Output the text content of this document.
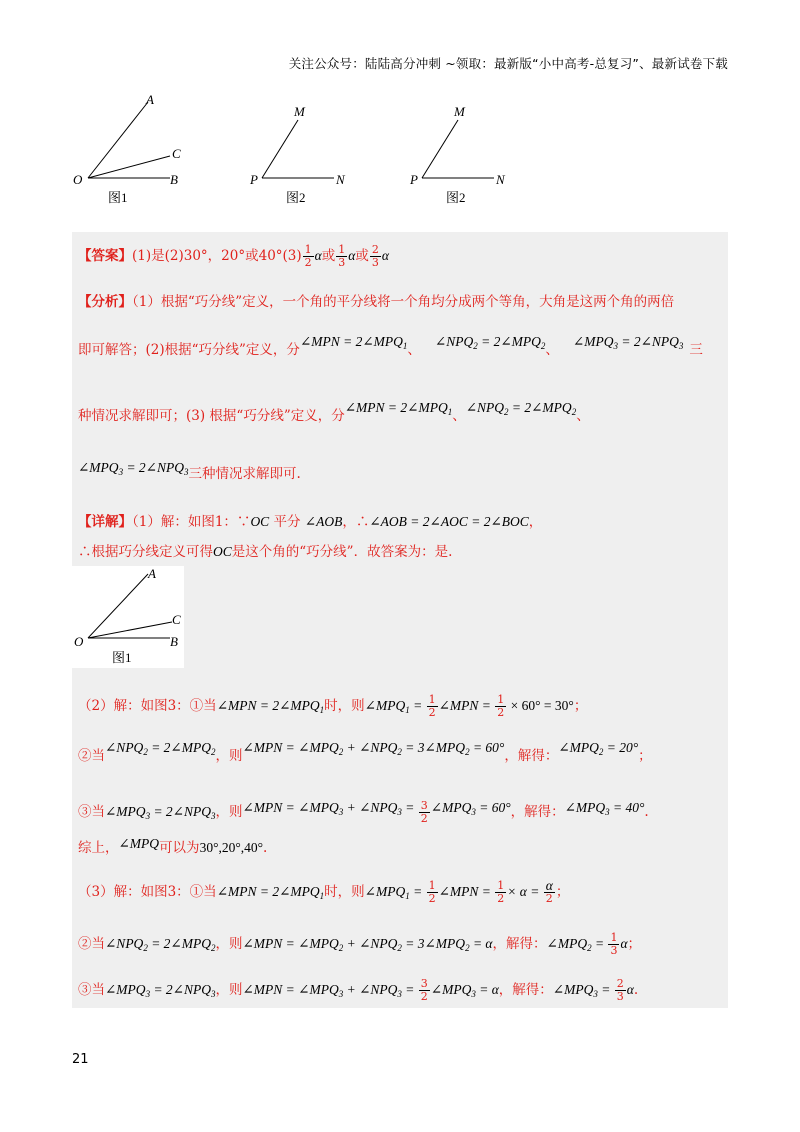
关注公众号：陆陆高分冲刺 ~领取：最新版“小中高考-总复习”、最新试卷下载
A
C
O	B
图1
M
P	N
图2
M
P	N
图2
【答案】(1)是(2)30°，20°或$40^\circ(3) \frac{1}{2}$ α或 $\frac{1}{3}$ α或 $\frac{2}{3}$ α
【分析】（1）根据“巧分线”定义，一个角的平分线将一个角均分成两个等角，大角是这两个角的两倍
即可解答；(2)根据“巧分线”定义，分∠MPN = $2\angle MPQ_1$、$\angle NPQ_2$ = $2\angle MPQ_2$、$\angle MPQ_3$ = $2\angle NPQ_3$ 三
种情况求解即可；(3) 根据“巧分线”定义，分∠MPN = $2\angle MPQ_1$、$\angle NPQ_2$ = $2\angle MPQ_2$、
$\angle MPQ_3$ = $2\angle NPQ_3$三种情况求解即可.
【详解】（1）解：如图1：∵OC 平分 ∠AOB，∴∠AOB = 2∠AOC = 2∠BOC，
∴根据巧分线定义可得OC是这个角的“巧分线”．故答案为：是.
A
C
O	B
图1
（2）解：如图3：①当∠MPN = $2\angle MPQ_1$时，则$\angle MPQ_1 = \frac{1}{2}$ ∠MPN = $\frac{1}{2} \times 60^\circ = 30^\circ$；
②当$\angle NPQ_2$ = $2\angle MPQ_2$，则∠MPN = $\angle MPQ_2$ + $\angle NPQ_2$ = $3\angle MPQ_2 = 60^\circ$，解得：$\angle MPQ_2 = 20^\circ$；
③当$\angle MPQ_3$ = $2\angle NPQ_3$，则∠MPN = $\angle MPQ_3$ + $\angle NPQ_3 = \frac{3}{2}$ $\angle MPQ_3 = 60^\circ$，解得：$\angle MPQ_3 = 40^\circ$.
综上，∠MPQ可以为30°,20°,40°.
（3）解：如图3：①当∠MPN = $2\angle MPQ_1$时，则$\angle MPQ_1 = \frac{1}{2}$ ∠MPN = $\frac{1}{2} \times \alpha = \frac{\alpha}{2}$ ；
②当$\angle NPQ_2$ = $2\angle MPQ_2$，则∠MPN = $\angle MPQ_2$ + $\angle NPQ_2$ = $3\angle MPQ_2 = \alpha$，解得：$\angle MPQ_2 = \frac{1}{3}$ α；
③当$\angle MPQ_3$ = $2\angle NPQ_3$，则∠MPN = $\angle MPQ_3$ + $\angle NPQ_3 = \frac{3}{2}$ $\angle MPQ_3 = \alpha$，解得：$\angle MPQ_3 = \frac{2}{3} \alpha$.
21
